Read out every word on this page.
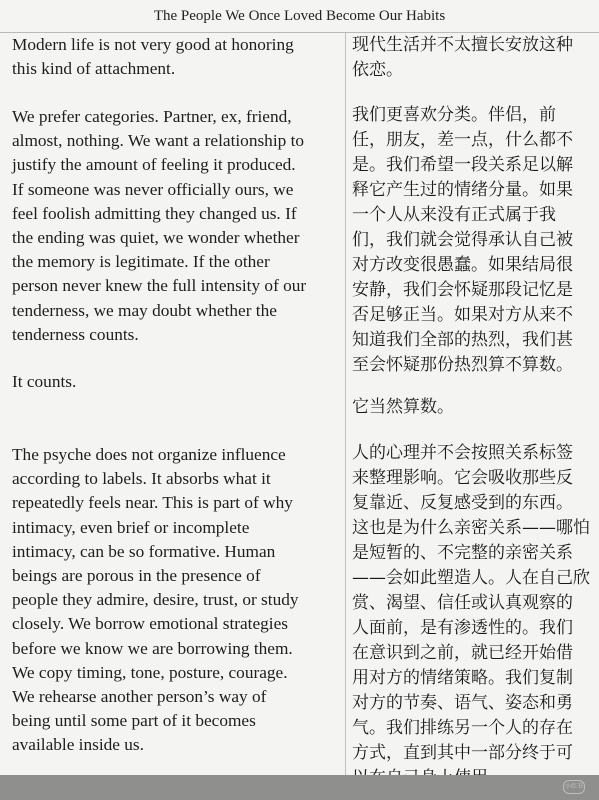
The People We Once Loved Become Our Habits
Modern life is not very good at honoring
this kind of attachment.
We prefer categories. Partner, ex, friend,
almost, nothing. We want a relationship to
justify the amount of feeling it produced.
If someone was never officially ours, we
feel foolish admitting they changed us. If
the ending was quiet, we wonder whether
the memory is legitimate. If the other
person never knew the full intensity of our
tenderness, we may doubt whether the
tenderness counts.
It counts.
The psyche does not organize influence
according to labels. It absorbs what it
repeatedly feels near. This is part of why
intimacy, even brief or incomplete
intimacy, can be so formative. Human
beings are porous in the presence of
people they admire, desire, trust, or study
closely. We borrow emotional strategies
before we know we are borrowing them.
We copy timing, tone, posture, courage.
We rehearse another person’s way of
being until some part of it becomes
available inside us.
现代生活并不太擅长安放这种
依恋。
我们更喜欢分类。伴侣，前
任，朋友，差一点，什么都不
是。我们希望一段关系足以解
释它产生过的情绪分量。如果
一个人从来没有正式属于我
们，我们就会觉得承认自己被
对方改变很愚蠢。如果结局很
安静，我们会怀疑那段记忆是
否足够正当。如果对方从来不
知道我们全部的热烈，我们甚
至会怀疑那份热烈算不算数。
它当然算数。
人的心理并不会按照关系标签
来整理影响。它会吸收那些反
复靠近、反复感受到的东西。
这也是为什么亲密关系——哪怕
是短暂的、不完整的亲密关系
——会如此塑造人。人在自己欣
赏、渴望、信任或认真观察的
人面前，是有渗透性的。我们
在意识到之前，就已经开始借
用对方的情绪策略。我们复制
对方的节奏、语气、姿态和勇
气。我们排练另一个人的存在
方式，直到其中一部分终于可
小红书
